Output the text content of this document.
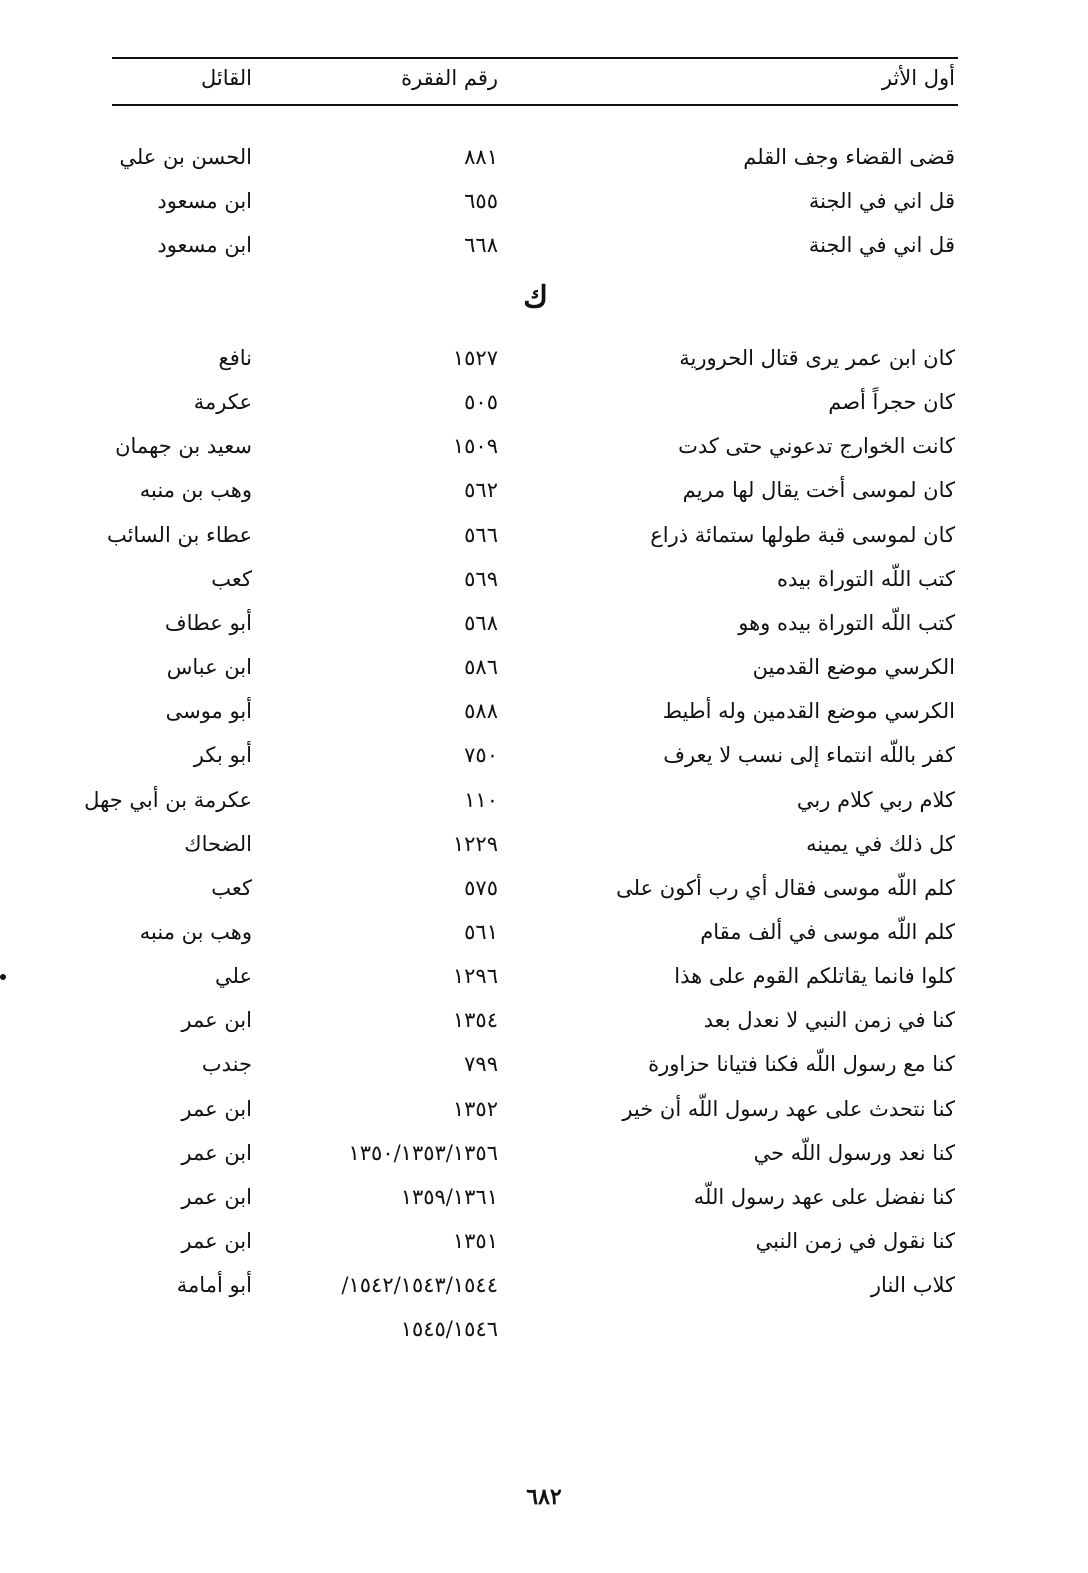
أول الأثر
رقم الفقرة
القائل
قضى القضاء وجف القلم
٨٨١
الحسن بن علي
قل اني في الجنة
٦٥٥
ابن مسعود
قل اني في الجنة
٦٦٨
ابن مسعود
ك
كان ابن عمر يرى قتال الحرورية
١٥٢٧
نافع
كان حجراً أصم
٥٠٥
عكرمة
كانت الخوارج تدعوني حتى كدت
١٥٠٩
سعيد بن جهمان
كان لموسى أخت يقال لها مريم
٥٦٢
وهب بن منبه
كان لموسى قبة طولها ستمائة ذراع
٥٦٦
عطاء بن السائب
كتب اللّه التوراة بيده
٥٦٩
كعب
كتب اللّه التوراة بيده وهو
٥٦٨
أبو عطاف
الكرسي موضع القدمين
٥٨٦
ابن عباس
الكرسي موضع القدمين وله أطيط
٥٨٨
أبو موسى
كفر باللّه انتماء إلى نسب لا يعرف
٧٥٠
أبو بكر
كلام ربي كلام ربي
١١٠
عكرمة بن أبي جهل
كل ذلك في يمينه
١٢٢٩
الضحاك
كلم اللّه موسى فقال أي رب أكون على
٥٧٥
كعب
كلم اللّه موسى في ألف مقام
٥٦١
وهب بن منبه
كلوا فانما يقاتلكم القوم على هذا
١٢٩٦
علي
كنا في زمن النبي لا نعدل بعد
١٣٥٤
ابن عمر
كنا مع رسول اللّه فكنا فتيانا حزاورة
٧٩٩
جندب
كنا نتحدث على عهد رسول اللّه أن خير
١٣٥٢
ابن عمر
كنا نعد ورسول اللّه حي
١٣٥٠/١٣٥٣/١٣٥٦
ابن عمر
كنا نفضل على عهد رسول اللّه
١٣٥٩/١٣٦١
ابن عمر
كنا نقول في زمن النبي
١٣٥١
ابن عمر
كلاب النار
١٥٤٢/١٥٤٣/١٥٤٤/
أبو أمامة
١٥٤٥/١٥٤٦
٦٨٢
